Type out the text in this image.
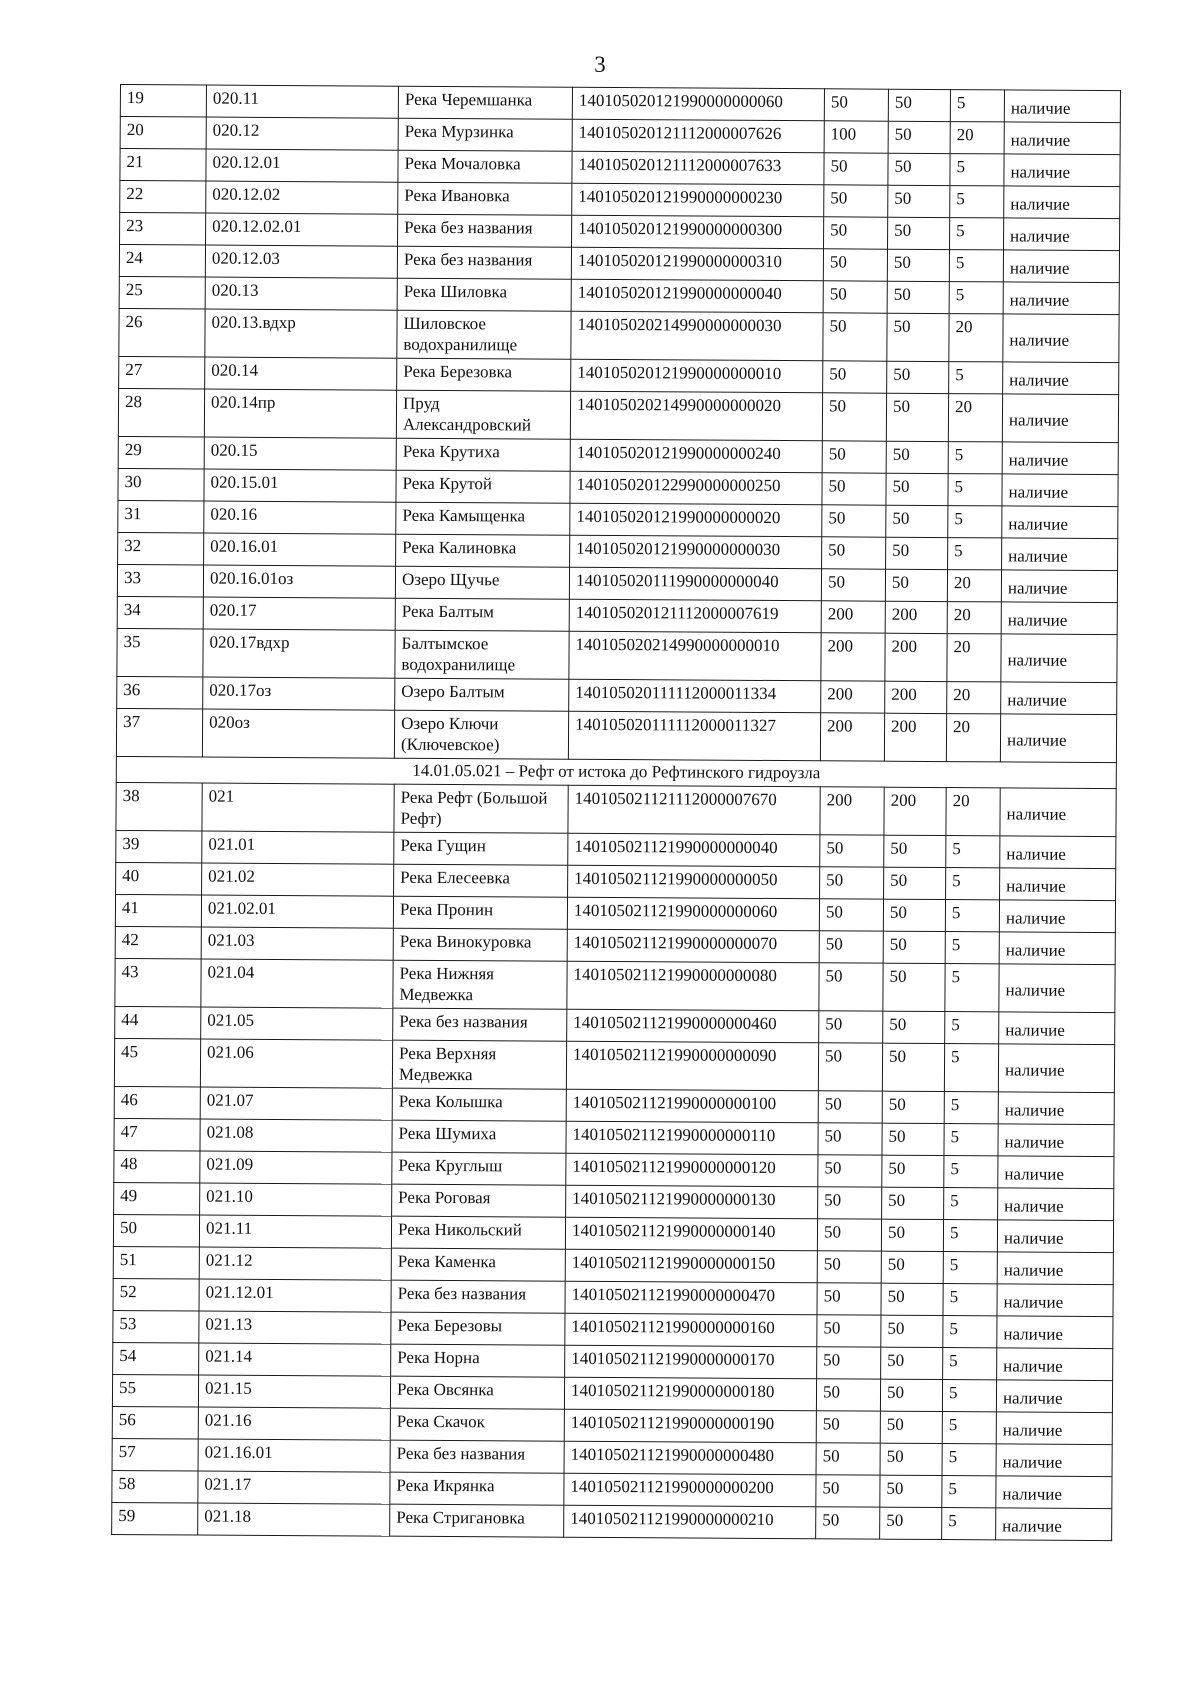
3
19	020.11	Река Черемшанка	140105020121990000000060	50	50	5	наличие
20	020.12	Река Мурзинка	140105020121112000007626	100	50	20	наличие
21	020.12.01	Река Мочаловка	140105020121112000007633	50	50	5	наличие
22	020.12.02	Река Ивановка	140105020121990000000230	50	50	5	наличие
23	020.12.02.01	Река без названия	140105020121990000000300	50	50	5	наличие
24	020.12.03	Река без названия	140105020121990000000310	50	50	5	наличие
25	020.13	Река Шиловка	140105020121990000000040	50	50	5	наличие
26	020.13.вдхр	Шиловское водохранилище	140105020214990000000030	50	50	20	наличие
27	020.14	Река Березовка	140105020121990000000010	50	50	5	наличие
28	020.14пр	Пруд Александровский	140105020214990000000020	50	50	20	наличие
29	020.15	Река Крутиха	140105020121990000000240	50	50	5	наличие
30	020.15.01	Река Крутой	140105020122990000000250	50	50	5	наличие
31	020.16	Река Камыщенка	140105020121990000000020	50	50	5	наличие
32	020.16.01	Река Калиновка	140105020121990000000030	50	50	5	наличие
33	020.16.01оз	Озеро Щучье	140105020111990000000040	50	50	20	наличие
34	020.17	Река Балтым	140105020121112000007619	200	200	20	наличие
35	020.17вдхр	Балтымское водохранилище	140105020214990000000010	200	200	20	наличие
36	020.17оз	Озеро Балтым	140105020111112000011334	200	200	20	наличие
37	020оз	Озеро Ключи (Ключевское)	140105020111112000011327	200	200	20	наличие
14.01.05.021 – Рефт от истока до Рефтинского гидроузла							
38	021	Река Рефт (Большой Рефт)	140105021121112000007670	200	200	20	наличие
39	021.01	Река Гущин	140105021121990000000040	50	50	5	наличие
40	021.02	Река Елесеевка	140105021121990000000050	50	50	5	наличие
41	021.02.01	Река Пронин	140105021121990000000060	50	50	5	наличие
42	021.03	Река Винокуровка	140105021121990000000070	50	50	5	наличие
43	021.04	Река Нижняя Медвежка	140105021121990000000080	50	50	5	наличие
44	021.05	Река без названия	140105021121990000000460	50	50	5	наличие
45	021.06	Река Верхняя Медвежка	140105021121990000000090	50	50	5	наличие
46	021.07	Река Колышка	140105021121990000000100	50	50	5	наличие
47	021.08	Река Шумиха	140105021121990000000110	50	50	5	наличие
48	021.09	Река Круглыш	140105021121990000000120	50	50	5	наличие
49	021.10	Река Роговая	140105021121990000000130	50	50	5	наличие
50	021.11	Река Никольский	140105021121990000000140	50	50	5	наличие
51	021.12	Река Каменка	140105021121990000000150	50	50	5	наличие
52	021.12.01	Река без названия	140105021121990000000470	50	50	5	наличие
53	021.13	Река Березовы	140105021121990000000160	50	50	5	наличие
54	021.14	Река Норна	140105021121990000000170	50	50	5	наличие
55	021.15	Река Овсянка	140105021121990000000180	50	50	5	наличие
56	021.16	Река Скачок	140105021121990000000190	50	50	5	наличие
57	021.16.01	Река без названия	140105021121990000000480	50	50	5	наличие
58	021.17	Река Икрянка	140105021121990000000200	50	50	5	наличие
59	021.18	Река Стригановка	140105021121990000000210	50	50	5	наличие
